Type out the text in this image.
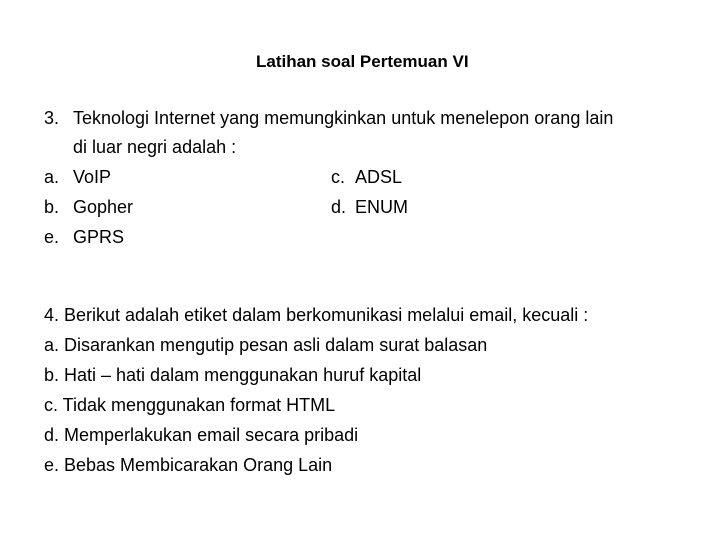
Latihan soal Pertemuan VI
3. Teknologi Internet yang memungkinkan untuk menelepon orang lain
di luar negri adalah :
a. VoIP	c. ADSL
b. Gopher	d. ENUM
e. GPRS
4. Berikut adalah etiket dalam berkomunikasi melalui email, kecuali :
a. Disarankan mengutip pesan asli dalam surat balasan
b. Hati – hati dalam menggunakan huruf kapital
c. Tidak menggunakan format HTML
d. Memperlakukan email secara pribadi
e. Bebas Membicarakan Orang Lain
